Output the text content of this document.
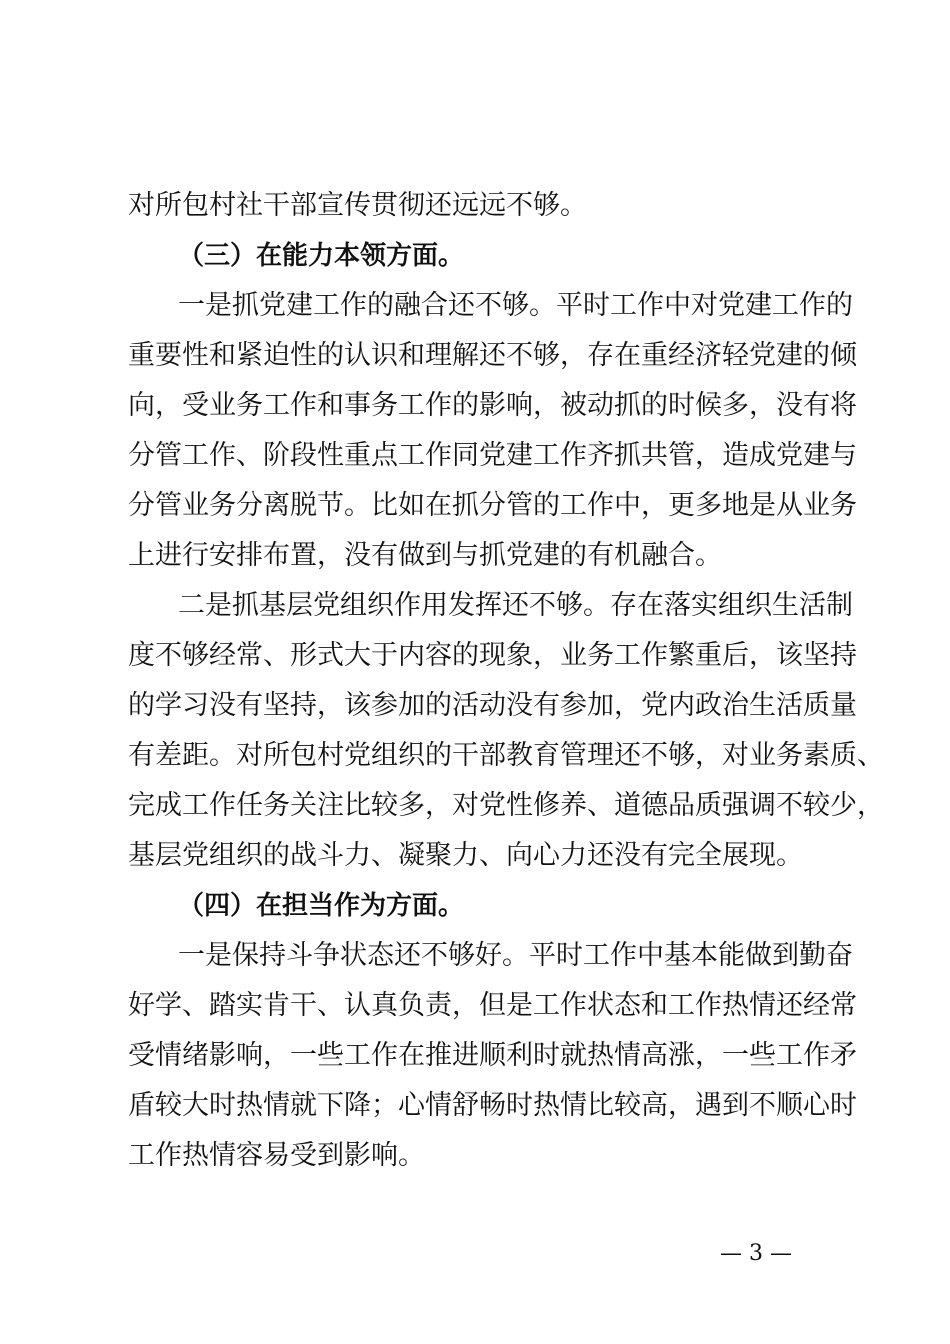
对所包村社干部宣传贯彻还远远不够。
（三）在能力本领方面。
一是抓党建工作的融合还不够。平时工作中对党建工作的
重要性和紧迫性的认识和理解还不够，存在重经济轻党建的倾
向，受业务工作和事务工作的影响，被动抓的时候多，没有将
分管工作、阶段性重点工作同党建工作齐抓共管，造成党建与
分管业务分离脱节。比如在抓分管的工作中，更多地是从业务
上进行安排布置，没有做到与抓党建的有机融合。
二是抓基层党组织作用发挥还不够。存在落实组织生活制
度不够经常、形式大于内容的现象，业务工作繁重后，该坚持
的学习没有坚持，该参加的活动没有参加，党内政治生活质量
有差距。对所包村党组织的干部教育管理还不够，对业务素质、
完成工作任务关注比较多，对党性修养、道德品质强调不较少，
基层党组织的战斗力、凝聚力、向心力还没有完全展现。
（四）在担当作为方面。
一是保持斗争状态还不够好。平时工作中基本能做到勤奋
好学、踏实肯干、认真负责，但是工作状态和工作热情还经常
受情绪影响，一些工作在推进顺利时就热情高涨，一些工作矛
盾较大时热情就下降；心情舒畅时热情比较高，遇到不顺心时
工作热情容易受到影响。
— 3 —
